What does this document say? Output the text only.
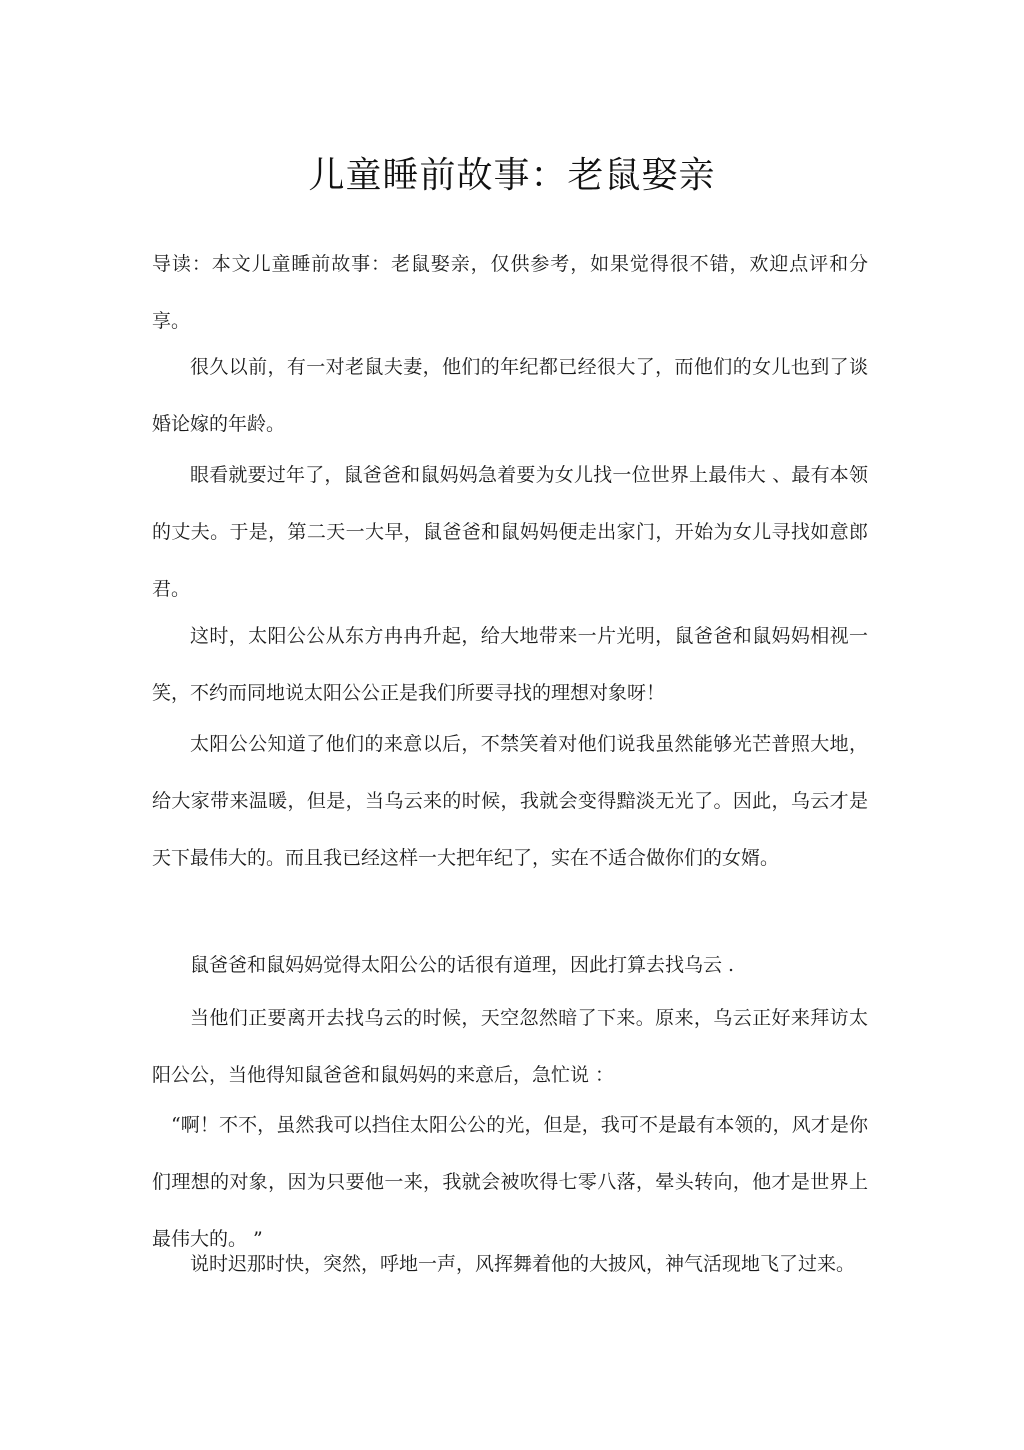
儿童睡前故事：老鼠娶亲

导读：本文儿童睡前故事：老鼠娶亲，仅供参考，如果觉得很不错，欢迎点评和分享。

很久以前，有一对老鼠夫妻，他们的年纪都已经很大了，而他们的女儿也到了谈婚论嫁的年龄。

眼看就要过年了，鼠爸爸和鼠妈妈急着要为女儿找一位世界上最伟大 、最有本领的丈夫。于是，第二天一大早，鼠爸爸和鼠妈妈便走出家门，开始为女儿寻找如意郎君。

这时，太阳公公从东方冉冉升起，给大地带来一片光明，鼠爸爸和鼠妈妈相视一笑，不约而同地说太阳公公正是我们所要寻找的理想对象呀！

太阳公公知道了他们的来意以后，不禁笑着对他们说我虽然能够光芒普照大地，给大家带来温暖，但是，当乌云来的时候，我就会变得黯淡无光了。因此，乌云才是天下最伟大的。而且我已经这样一大把年纪了，实在不适合做你们的女婿。

鼠爸爸和鼠妈妈觉得太阳公公的话很有道理，因此打算去找乌云 .

当他们正要离开去找乌云的时候，天空忽然暗了下来。原来，乌云正好来拜访太阳公公，当他得知鼠爸爸和鼠妈妈的来意后，急忙说 ：

“啊！不不，虽然我可以挡住太阳公公的光，但是，我可不是最有本领的，风才是你们理想的对象，因为只要他一来，我就会被吹得七零八落，晕头转向，他才是世界上最伟大的。 ”

说时迟那时快，突然，呼地一声，风挥舞着他的大披风，神气活现地飞了过来。
